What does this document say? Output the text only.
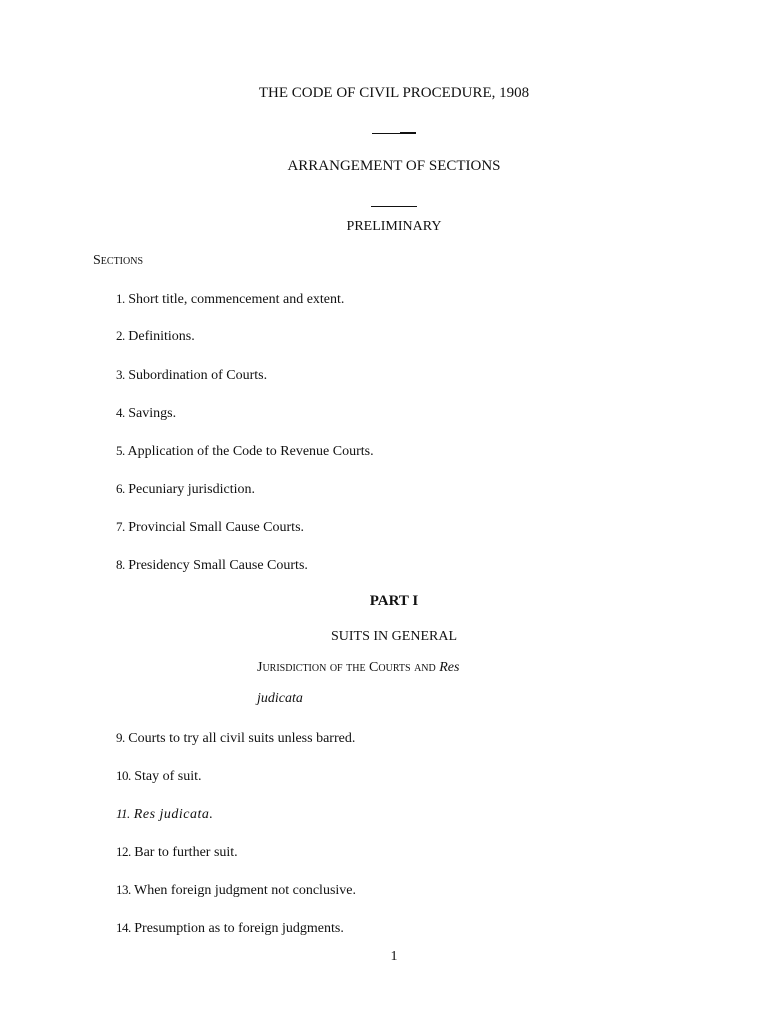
THE CODE OF CIVIL PROCEDURE, 1908
ARRANGEMENT OF SECTIONS
PRELIMINARY
Sections
1. Short title, commencement and extent.
2. Definitions.
3. Subordination of Courts.
4. Savings.
5. Application of the Code to Revenue Courts.
6. Pecuniary jurisdiction.
7. Provincial Small Cause Courts.
8. Presidency Small Cause Courts.
PART I
SUITS IN GENERAL
Jurisdiction of the Courts and Res
judicata
9. Courts to try all civil suits unless barred.
10. Stay of suit.
11. Res judicata.
12. Bar to further suit.
13. When foreign judgment not conclusive.
14. Presumption as to foreign judgments.
1
